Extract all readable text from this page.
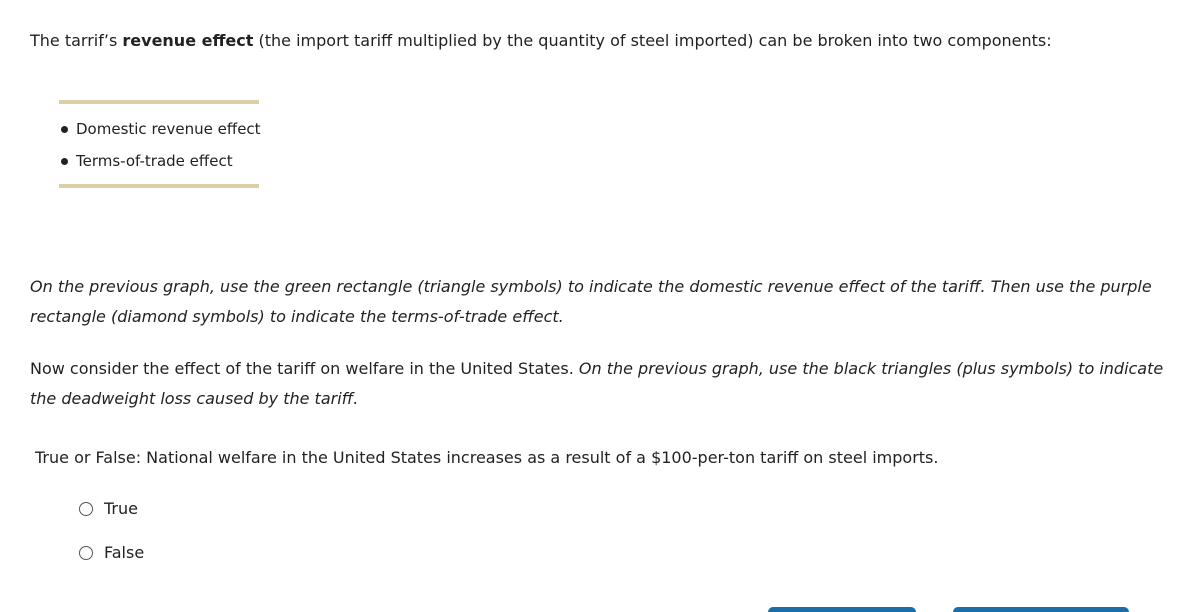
The tarrif’s revenue effect (the import tariff multiplied by the quantity of steel imported) can be broken into two components:
Domestic revenue effect
Terms-of-trade effect
On the previous graph, use the green rectangle (triangle symbols) to indicate the domestic revenue effect of the tariff. Then use the purple rectangle (diamond symbols) to indicate the terms-of-trade effect.
Now consider the effect of the tariff on welfare in the United States. On the previous graph, use the black triangles (plus symbols) to indicate the deadweight loss caused by the tariff.
True or False: National welfare in the United States increases as a result of a $100-per-ton tariff on steel imports.
True
False
